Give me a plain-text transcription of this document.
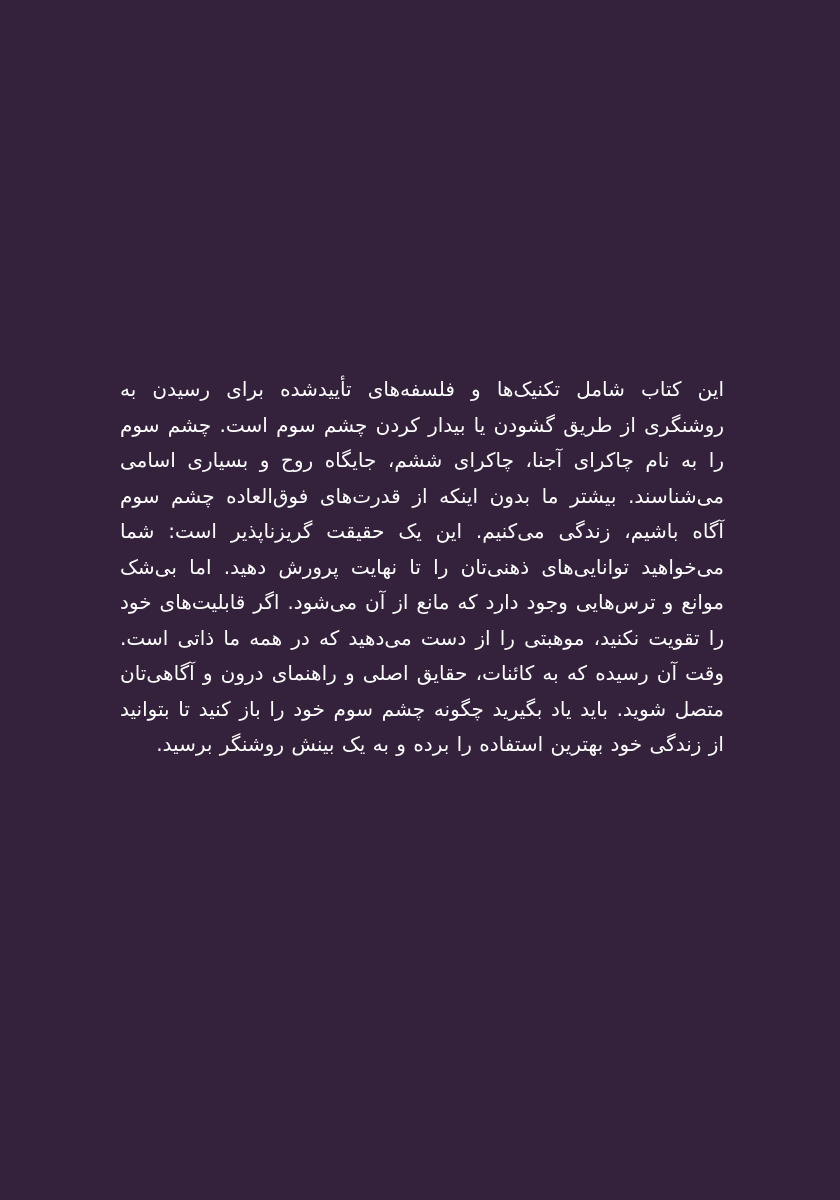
این کتاب شامل تکنیک‌ها و فلسفه‌های تأییدشده برای رسیدن به روشنگری از طریق گشودن یا بیدار کردن چشم سوم است. چشم سوم را به نام چاکرای آجنا، چاکرای ششم، جایگاه روح و بسیاری اسامی می‌شناسند. بیشتر ما بدون اینکه از قدرت‌های فوق‌العاده چشم سوم آگاه باشیم، زندگی می‌کنیم. این یک حقیقت گریزناپذیر است: شما می‌خواهید توانایی‌های ذهنی‌تان را تا نهایت پرورش دهید. اما بی‌شک موانع و ترس‌هایی وجود دارد که مانع از آن می‌شود. اگر قابلیت‌های خود را تقویت نکنید، موهبتی را از دست می‌دهید که در همه ما ذاتی است. وقت آن رسیده که به کائنات، حقایق اصلی و راهنمای درون و آگاهی‌تان متصل شوید. باید یاد بگیرید چگونه چشم سوم خود را باز کنید تا بتوانید از زندگی خود بهترین استفاده را برده و به یک بینش روشنگر برسید.
